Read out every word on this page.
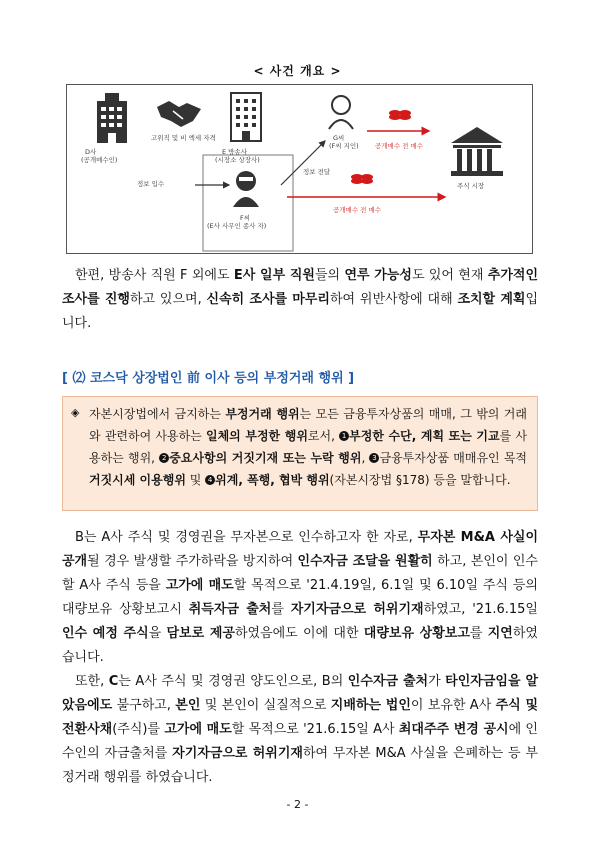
< 사건 개요 >
D사
(공개매수인)
고위직 및 비 엑세 자격
E 방송사
(시장소 상장사)
G씨
(F씨 지인)	공개매수 전 매수
정보 입수
정보 전달
F씨
(E사 사무인 종사 자)
공개매수 전 매수
주식 시장
한편, 방송사 직원 F 외에도 E사 일부 직원들의 연루 가능성도 있어 현재 추가적인 조사를 진행하고 있으며, 신속히 조사를 마무리하여 위반사항에 대해 조치할 계획입니다.
[ ⑵ 코스닥 상장법인 前 이사 등의 부정거래 행위 ]
◈ 자본시장법에서 금지하는 부정거래 행위는 모든 금융투자상품의 매매, 그 밖의 거래와 관련하여 사용하는 일체의 부정한 행위로서, 1 부정한 수단, 계획 또는 기교를 사용하는 행위, 2 중요사항의 거짓기재 또는 누락 행위, 3 금융투자상품 매매유인 목적 거짓시세 이용행위 및 4 위계, 폭행, 협박 행위(자본시장법 §178) 등을 말합니다.
B는 A사 주식 및 경영권을 무자본으로 인수하고자 한 자로, 무자본 M&A 사실이 공개될 경우 발생할 주가하락을 방지하여 인수자금 조달을 원활히 하고, 본인이 인수할 A사 주식 등을 고가에 매도할 목적으로 '21.4.19일, 6.1일 및 6.10일 주식 등의 대량보유 상황보고시 취득자금 출처를 자기자금으로 허위기재하였고, '21.6.15일 인수 예정 주식을 담보로 제공하였음에도 이에 대한 대량보유 상황보고를 지연하였습니다.
또한, C는 A사 주식 및 경영권 양도인으로, B의 인수자금 출처가 타인자금임을 알았음에도 불구하고, 본인 및 본인이 실질적으로 지배하는 법인이 보유한 A사 주식 및 전환사채(주식)를 고가에 매도할 목적으로 '21.6.15일 A사 최대주주 변경 공시에 인수인의 자금출처를 자기자금으로 허위기재하여 무자본 M&A 사실을 은폐하는 등 부정거래 행위를 하였습니다.
- 2 -
